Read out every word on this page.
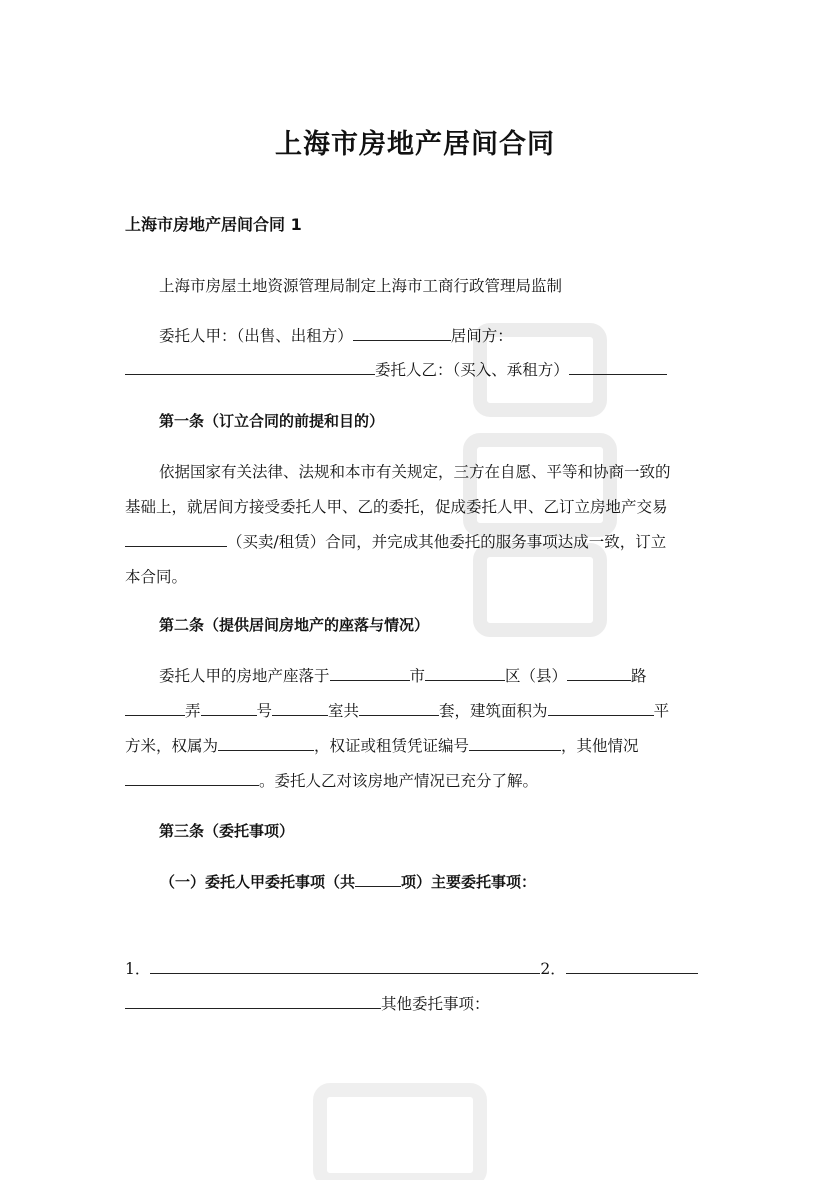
上海市房地产居间合同
上海市房地产居间合同 1
上海市房屋土地资源管理局制定上海市工商行政管理局监制
委托人甲：（出售、出租方）	居间方：
委托人乙：（买入、承租方）
第一条（订立合同的前提和目的）
依据国家有关法律、法规和本市有关规定，三方在自愿、平等和协商一致的
基础上，就居间方接受委托人甲、乙的委托，促成委托人甲、乙订立房地产交易
（买卖/租赁）合同，并完成其他委托的服务事项达成一致，订立
本合同。
第二条（提供居间房地产的座落与情况）
委托人甲的房地产座落于	市	区（县）	路
弄	号	室共	套，建筑面积为	平
方米，权属为	，权证或租赁凭证编号	，其他情况
。委托人乙对该房地产情况已充分了解。
第三条（委托事项）
（一）委托人甲委托事项（共	项）主要委托事项：
1．	2．
其他委托事项：
